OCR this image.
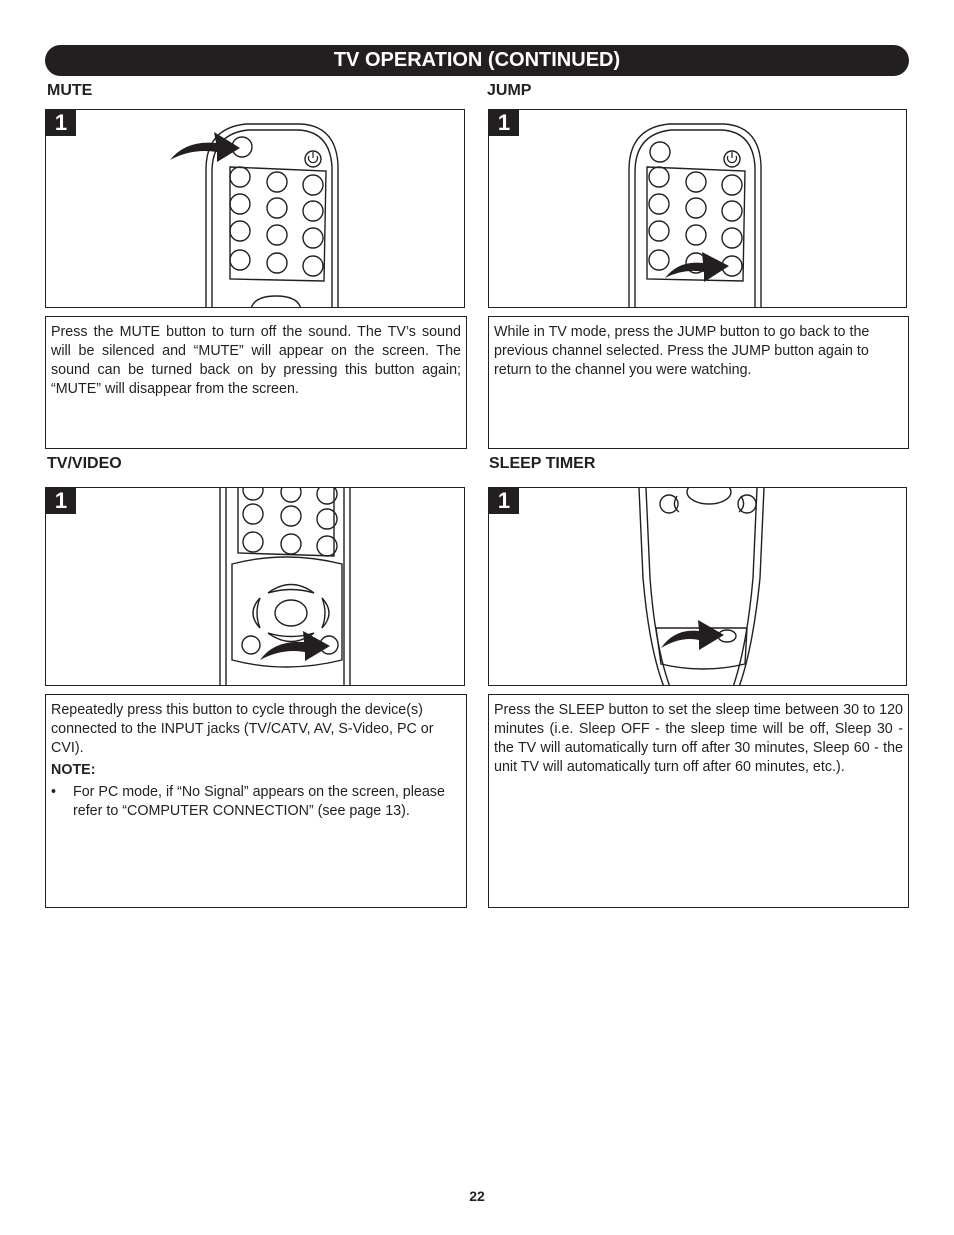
TV OPERATION (CONTINUED)
MUTE
1
Press the MUTE button to turn off the sound. The TV’s sound will be silenced and “MUTE” will appear on the screen. The sound can be turned back on by pressing this button again; “MUTE” will disappear from the screen.
JUMP
1
While in TV mode, press the JUMP button to go back to the previous channel selected. Press the JUMP button again to return to the channel you were watching.
TV/VIDEO
1
Repeatedly press this button to cycle through the device(s) connected to the INPUT jacks (TV/CATV, AV, S-Video, PC or CVI).
NOTE:
•	For PC mode, if “No Signal” appears on the screen, please refer to “COMPUTER CONNECTION” (see page 13).
SLEEP TIMER
1
Press the SLEEP button to set the sleep time between 30 to 120 minutes (i.e. Sleep OFF - the sleep time will be off, Sleep 30 - the TV will automatically turn off after 30 minutes, Sleep 60 - the unit TV will automatically turn off after 60 minutes, etc.).
22
